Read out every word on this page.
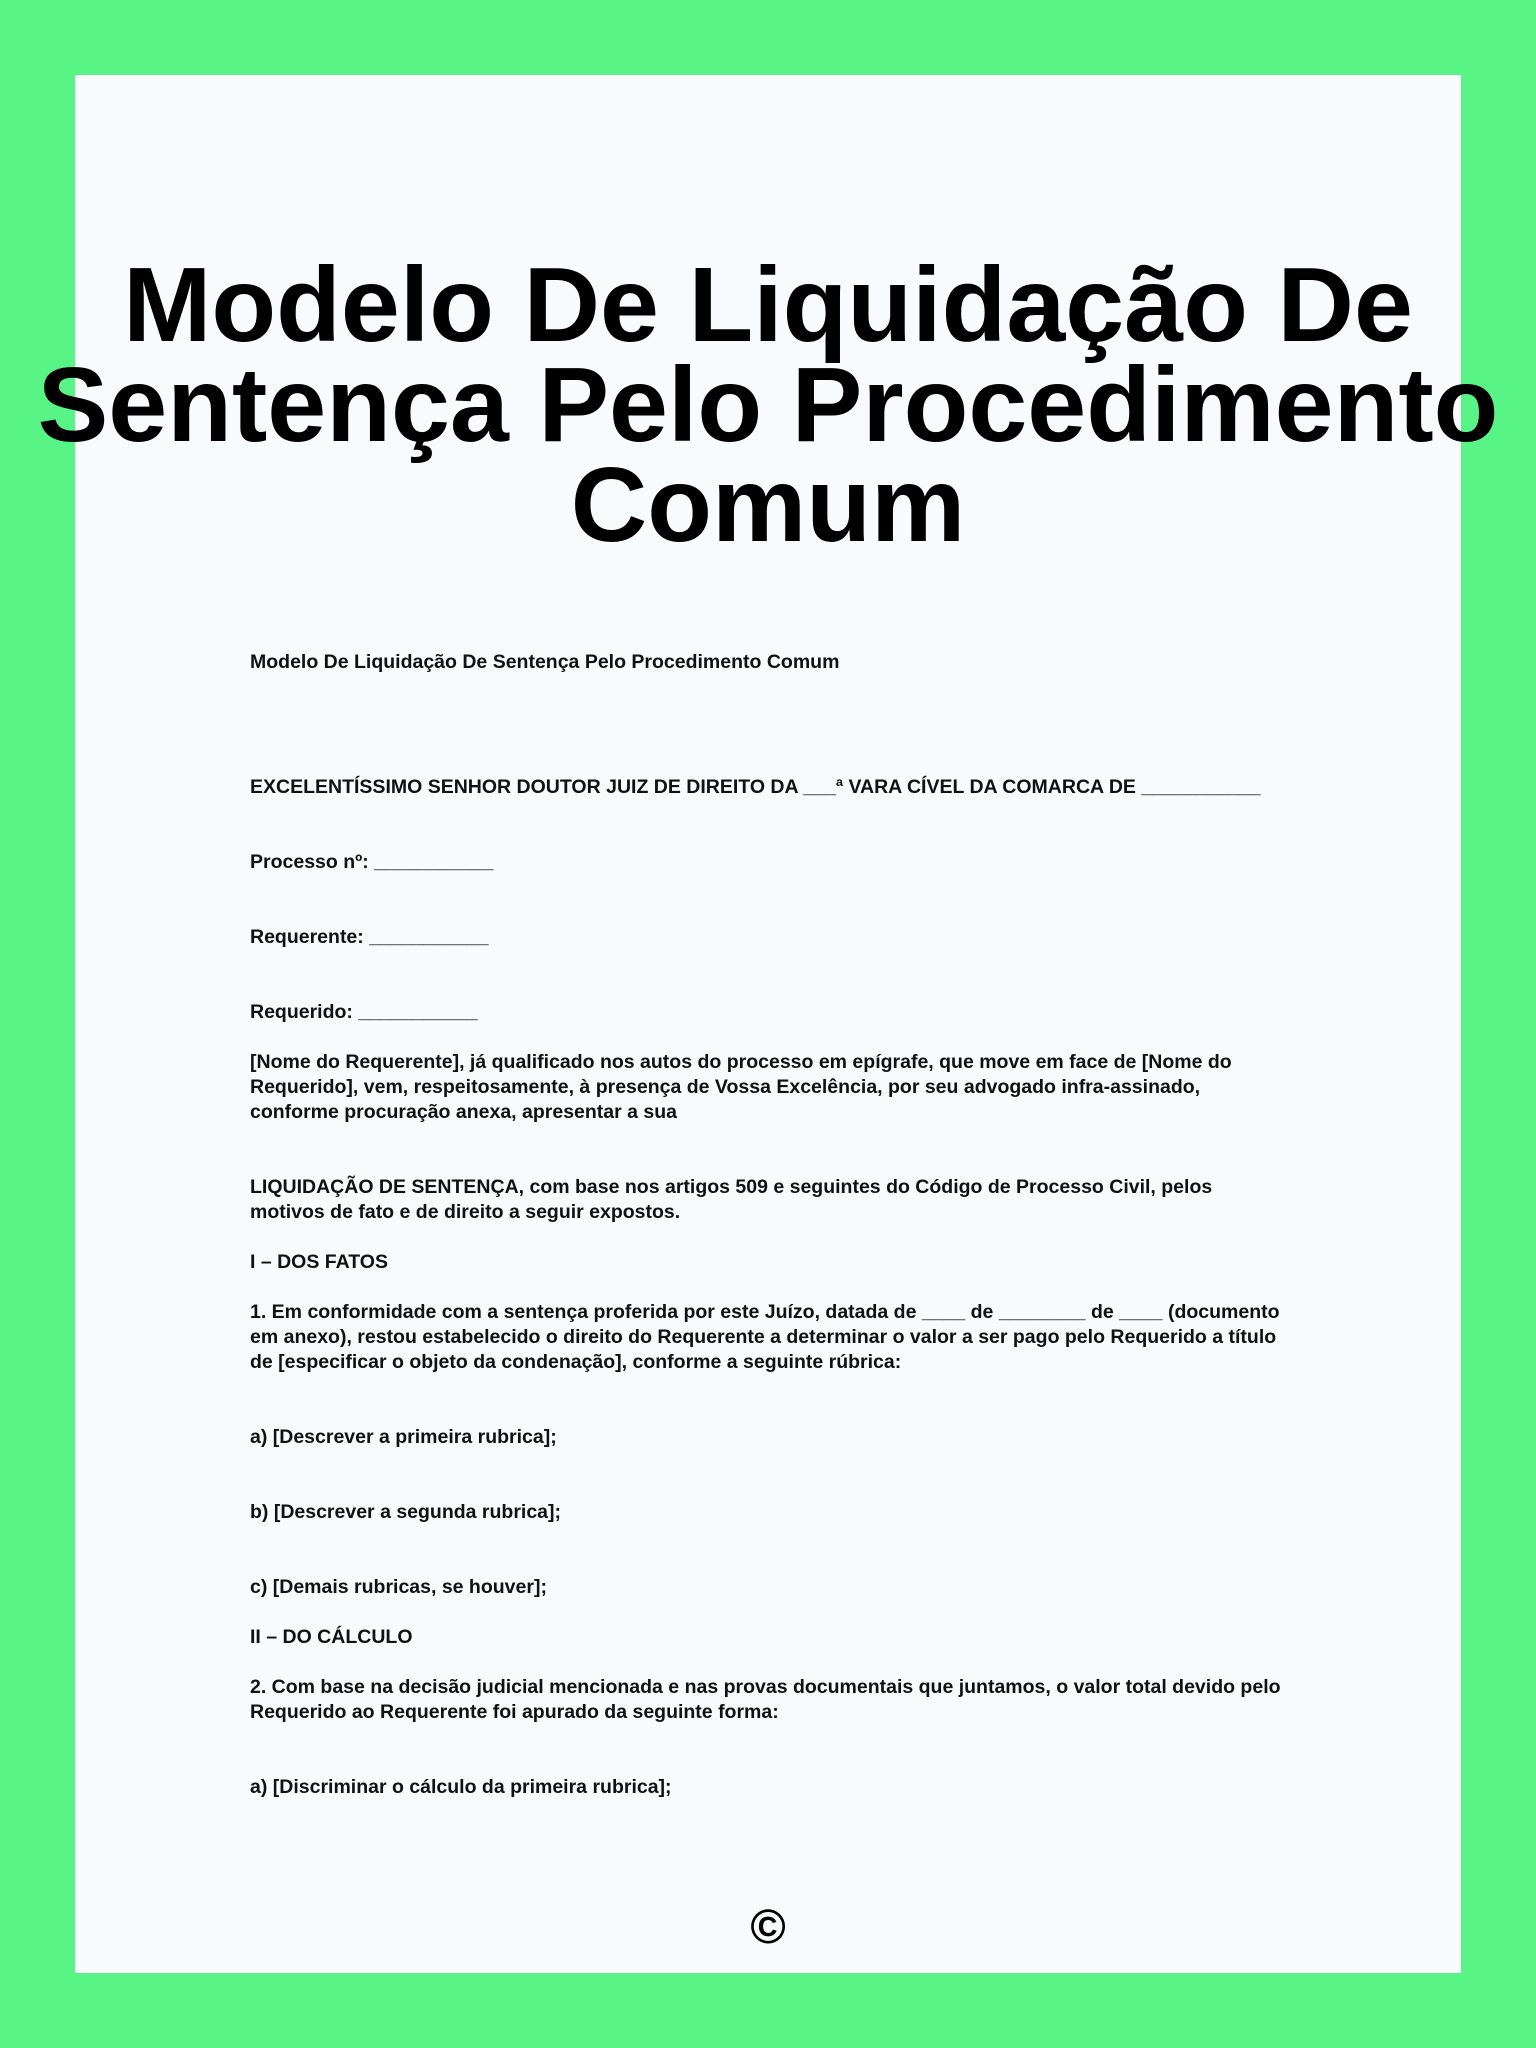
Modelo De Liquidação De Sentença Pelo Procedimento Comum

Modelo De Liquidação De Sentença Pelo Procedimento Comum

EXCELENTÍSSIMO SENHOR DOUTOR JUIZ DE DIREITO DA ___ª VARA CÍVEL DA COMARCA DE ___________

Processo nº: ___________

Requerente: ___________

Requerido: ___________

[Nome do Requerente], já qualificado nos autos do processo em epígrafe, que move em face de [Nome do Requerido], vem, respeitosamente, à presença de Vossa Excelência, por seu advogado infra-assinado, conforme procuração anexa, apresentar a sua

LIQUIDAÇÃO DE SENTENÇA, com base nos artigos 509 e seguintes do Código de Processo Civil, pelos motivos de fato e de direito a seguir expostos.

I – DOS FATOS

1. Em conformidade com a sentença proferida por este Juízo, datada de ____ de ________ de ____ (documento em anexo), restou estabelecido o direito do Requerente a determinar o valor a ser pago pelo Requerido a título de [especificar o objeto da condenação], conforme a seguinte rúbrica:

a) [Descrever a primeira rubrica];

b) [Descrever a segunda rubrica];

c) [Demais rubricas, se houver];

II – DO CÁLCULO

2. Com base na decisão judicial mencionada e nas provas documentais que juntamos, o valor total devido pelo Requerido ao Requerente foi apurado da seguinte forma:

a) [Discriminar o cálculo da primeira rubrica];

©
